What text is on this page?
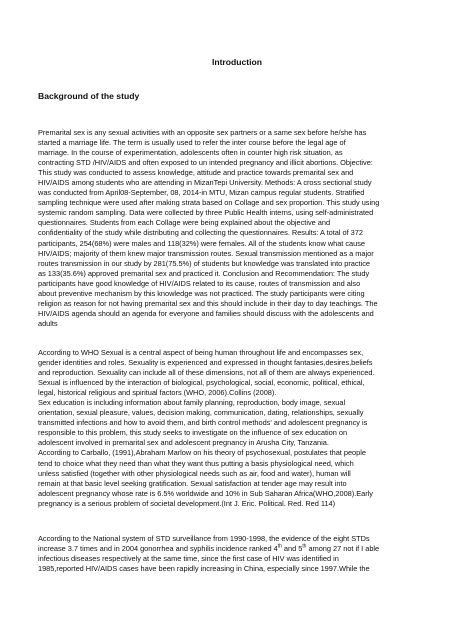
Introduction
Background of the study
Premarital sex is any sexual activities with an opposite sex partners or a same sex before he/she has
started a marriage life. The term is usually used to refer the inter course before the legal age of
marriage. In the course of experimentation, adolescents often in counter high risk situation, as
contracting STD /HIV/AIDS and often exposed to un intended pregnancy and illicit abortions. Objective:
This study was conducted to assess knowledge, attitude and practice towards premarital sex and
HIV/AIDS among students who are attending in MizanTepi University. Methods: A cross sectional study
was conducted from April08-September, 08, 2014-in MTU, Mizan campus regular students. Stratified
sampling technique were used after making strata based on Collage and sex proportion. This study using
systemic random sampling. Data were collected by three Public Health interns, using self-administrated
questionnaires. Students from each Collage were being explained about the objective and
confidentiality of the study while distributing and collecting the questionnaires. Results: A total of 372
participants, 254(68%) were males and 118(32%) were females. All of the students know what cause
HIV/AIDS; majority of them knew major transmission routes. Sexual transmission mentioned as a major
routes transmission in our study by 281(75.5%) of students but knowledge was translated into practice
as 133(35.6%) approved premarital sex and practiced it. Conclusion and Recommendation: The study
participants have good knowledge of HIV/AIDS related to its cause, routes of transmission and also
about preventive mechanism by this knowledge was not practiced. The study participants were citing
religion as reason for not having premarital sex and this should include in their day to day teachings. The
HIV/AIDS agenda should an agenda for everyone and families should discuss with the adolescents and
adults
According to WHO Sexual is a central aspect of being human throughout life and encompasses sex,
gender identities and roles. Sexuality is experienced and expressed in thought fantasies,desires,beliefs
and reproduction. Sexuality can include all of these dimensions, not all of them are always experienced.
Sexual is influenced by the interaction of biological, psychological, social, economic, political, ethical,
legal, historical religious and spiritual factors (WHO, 2006).Collins (2008).
Sex education is including information about family planning, reproduction, body image, sexual
orientation, sexual pleasure, values, decision making, communication, dating, relationships, sexually
transmitted infections and how to avoid them, and birth control methods' and adolescent pregnancy is
responsible to this problem, this study seeks to investigate on the influence of sex education on
adolescent involved in premarital sex and adolescent pregnancy in Arusha City, Tanzania.
According to Carballo, (1991),Abraham Marlow on his theory of psychosexual, postulates that people
tend to choice what they need than what they want thus putting a basis physiological need, which
unless satisfied (together with other physiological needs such as air, food and water), human will
remain at that basic level seeking gratification. Sexual satisfaction at tender age may result into
adolescent pregnancy whose rate is 6.5% worldwide and 10% in Sub Saharan Africa(WHO,2008).Early
pregnancy is a serious problem of societal development.(Int J. Eric. Political. Red. Red 114)
According to the National system of STD surveillance from 1990-1998, the evidence of the eight STDs
increase 3.7 times and in 2004 gonorrhea and syphilis incidence ranked 4th and 5th among 27 not if I able
infectious diseases respectively at the same time, since the first case of HIV was identified in
1985,reported HIV/AIDS cases have been rapidly increasing in China, especially since 1997.While the
